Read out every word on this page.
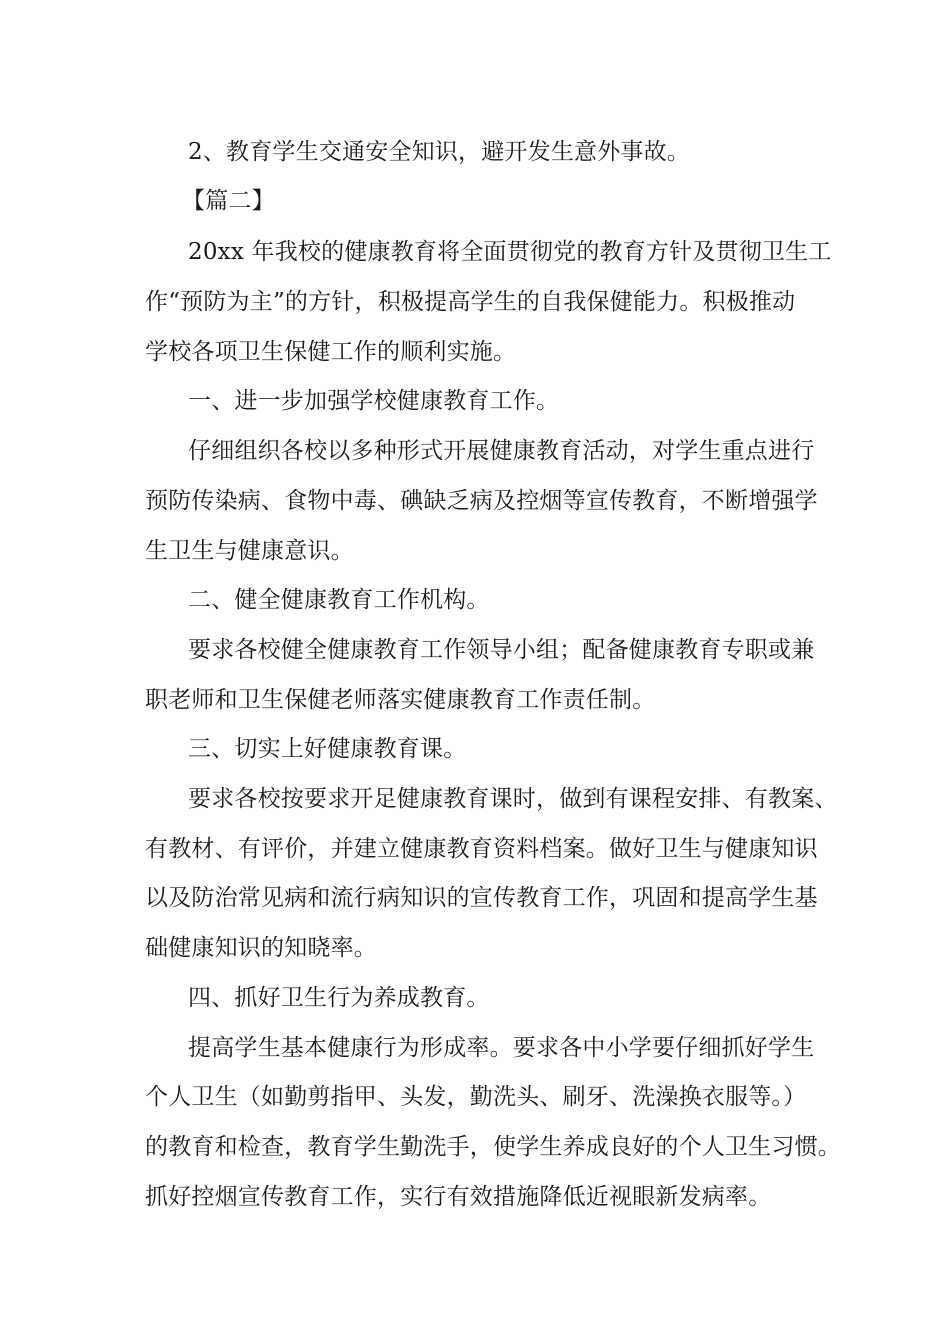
2、教育学生交通安全知识，避开发生意外事故。
【篇二】
20xx 年我校的健康教育将全面贯彻党的教育方针及贯彻卫生工
作“预防为主”的方针，积极提高学生的自我保健能力。积极推动
学校各项卫生保健工作的顺利实施。
一、进一步加强学校健康教育工作。
仔细组织各校以多种形式开展健康教育活动，对学生重点进行
预防传染病、食物中毒、碘缺乏病及控烟等宣传教育，不断增强学
生卫生与健康意识。
二、健全健康教育工作机构。
要求各校健全健康教育工作领导小组；配备健康教育专职或兼
职老师和卫生保健老师落实健康教育工作责任制。
三、切实上好健康教育课。
要求各校按要求开足健康教育课时，做到有课程安排、有教案、
有教材、有评价，并建立健康教育资料档案。做好卫生与健康知识
以及防治常见病和流行病知识的宣传教育工作，巩固和提高学生基
础健康知识的知晓率。
四、抓好卫生行为养成教育。
提高学生基本健康行为形成率。要求各中小学要仔细抓好学生
个人卫生（如勤剪指甲、头发，勤洗头、刷牙、洗澡换衣服等。）
的教育和检查，教育学生勤洗手，使学生养成良好的个人卫生习惯。
抓好控烟宣传教育工作，实行有效措施降低近视眼新发病率。
